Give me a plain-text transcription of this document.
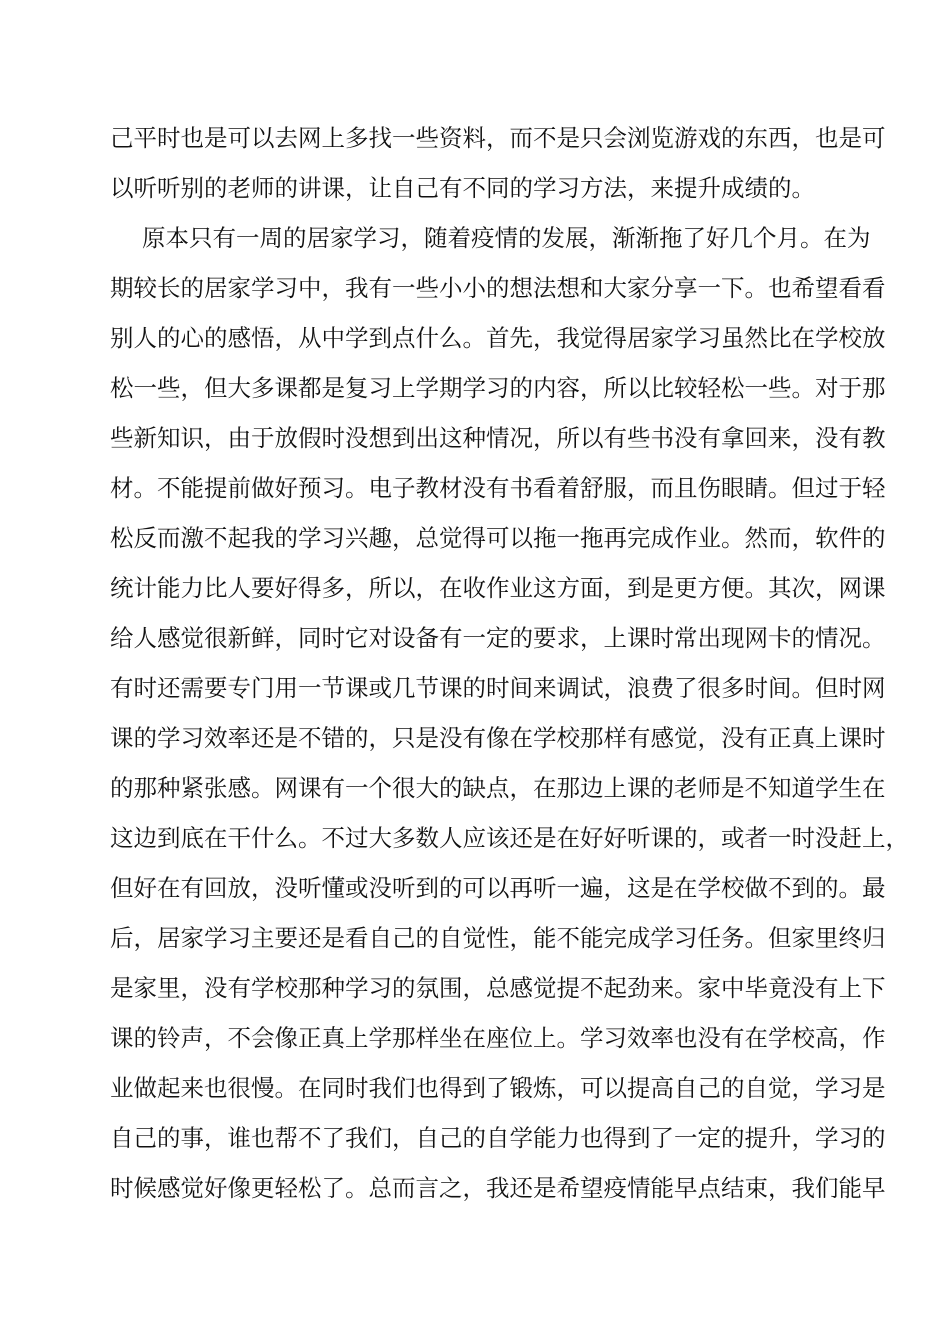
己平时也是可以去网上多找一些资料，而不是只会浏览游戏的东西，也是可
以听听别的老师的讲课，让自己有不同的学习方法，来提升成绩的。
原本只有一周的居家学习，随着疫情的发展，渐渐拖了好几个月。在为
期较长的居家学习中，我有一些小小的想法想和大家分享一下。也希望看看
别人的心的感悟，从中学到点什么。首先，我觉得居家学习虽然比在学校放
松一些，但大多课都是复习上学期学习的内容，所以比较轻松一些。对于那
些新知识，由于放假时没想到出这种情况，所以有些书没有拿回来，没有教
材。不能提前做好预习。电子教材没有书看着舒服，而且伤眼睛。但过于轻
松反而激不起我的学习兴趣，总觉得可以拖一拖再完成作业。然而，软件的
统计能力比人要好得多，所以，在收作业这方面，到是更方便。其次，网课
给人感觉很新鲜，同时它对设备有一定的要求，上课时常出现网卡的情况。
有时还需要专门用一节课或几节课的时间来调试，浪费了很多时间。但时网
课的学习效率还是不错的，只是没有像在学校那样有感觉，没有正真上课时
的那种紧张感。网课有一个很大的缺点，在那边上课的老师是不知道学生在
这边到底在干什么。不过大多数人应该还是在好好听课的，或者一时没赶上，
但好在有回放，没听懂或没听到的可以再听一遍，这是在学校做不到的。最
后，居家学习主要还是看自己的自觉性，能不能完成学习任务。但家里终归
是家里，没有学校那种学习的氛围，总感觉提不起劲来。家中毕竟没有上下
课的铃声，不会像正真上学那样坐在座位上。学习效率也没有在学校高，作
业做起来也很慢。在同时我们也得到了锻炼，可以提高自己的自觉，学习是
自己的事，谁也帮不了我们，自己的自学能力也得到了一定的提升，学习的
时候感觉好像更轻松了。总而言之，我还是希望疫情能早点结束，我们能早
